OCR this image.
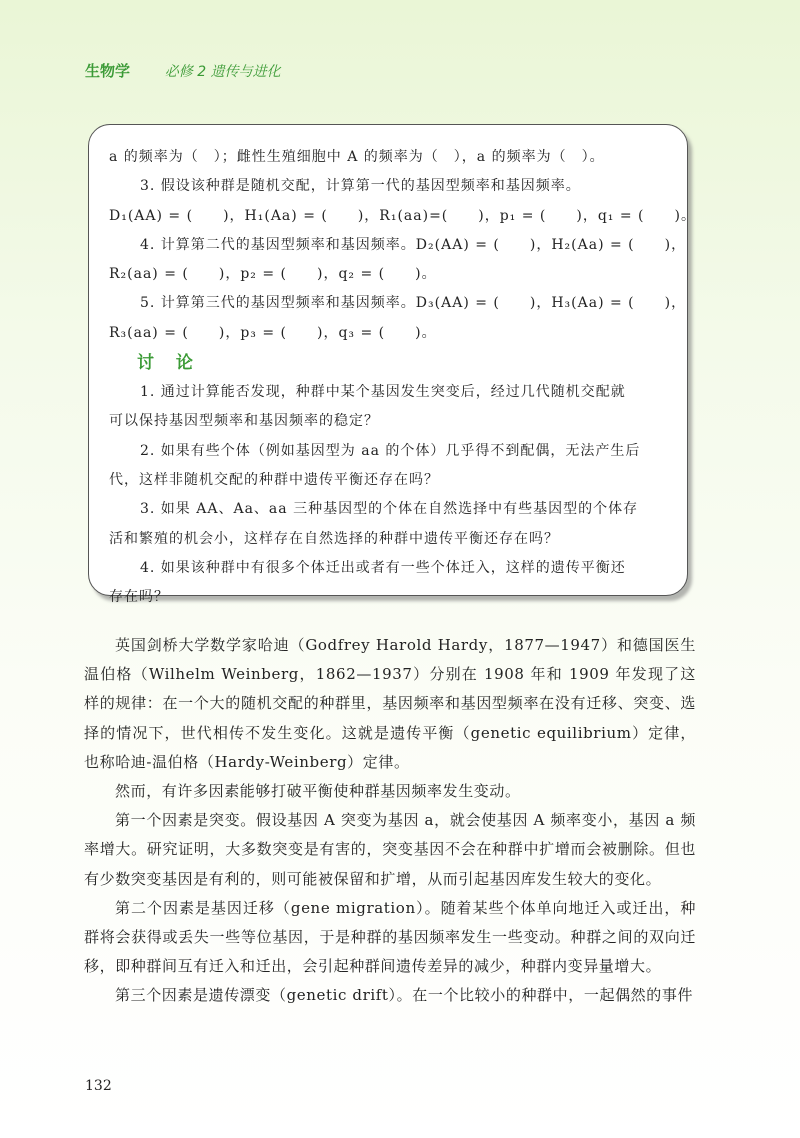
生物学 必修 2 遗传与进化

a 的频率为（　）；雌性生殖细胞中 A 的频率为（　），a 的频率为（　）。

3. 假设该种群是随机交配，计算第一代的基因型频率和基因频率。

D₁(AA) = (　　)，H₁(Aa) = (　　)，R₁(aa)=(　　)，p₁ = (　　)，q₁ = (　　)。

4. 计算第二代的基因型频率和基因频率。D₂(AA) = (　　)，H₂(Aa) = (　　)，

R₂(aa) = (　　)，p₂ = (　　)，q₂ = (　　)。

5. 计算第三代的基因型频率和基因频率。D₃(AA) = (　　)，H₃(Aa) = (　　)，

R₃(aa) = (　　)，p₃ = (　　)，q₃ = (　　)。

讨 论

1. 通过计算能否发现，种群中某个基因发生突变后，经过几代随机交配就

可以保持基因型频率和基因频率的稳定？

2. 如果有些个体（例如基因型为 aa 的个体）几乎得不到配偶，无法产生后

代，这样非随机交配的种群中遗传平衡还存在吗？

3. 如果 AA、Aa、aa 三种基因型的个体在自然选择中有些基因型的个体存

活和繁殖的机会小，这样存在自然选择的种群中遗传平衡还存在吗？

4. 如果该种群中有很多个体迁出或者有一些个体迁入，这样的遗传平衡还

存在吗？

英国剑桥大学数学家哈迪（Godfrey Harold Hardy，1877—1947）和德国医生温伯格（Wilhelm Weinberg，1862—1937）分别在 1908 年和 1909 年发现了这样的规律：在一个大的随机交配的种群里，基因频率和基因型频率在没有迁移、突变、选择的情况下，世代相传不发生变化。这就是遗传平衡（genetic equilibrium）定律，也称哈迪-温伯格（Hardy-Weinberg）定律。

然而，有许多因素能够打破平衡使种群基因频率发生变动。

第一个因素是突变。假设基因 A 突变为基因 a，就会使基因 A 频率变小，基因 a 频率增大。研究证明，大多数突变是有害的，突变基因不会在种群中扩增而会被删除。但也有少数突变基因是有利的，则可能被保留和扩增，从而引起基因库发生较大的变化。

第二个因素是基因迁移（gene migration）。随着某些个体单向地迁入或迁出，种群将会获得或丢失一些等位基因，于是种群的基因频率发生一些变动。种群之间的双向迁移，即种群间互有迁入和迁出，会引起种群间遗传差异的减少，种群内变异量增大。

第三个因素是遗传漂变（genetic drift）。在一个比较小的种群中，一起偶然的事件

132
